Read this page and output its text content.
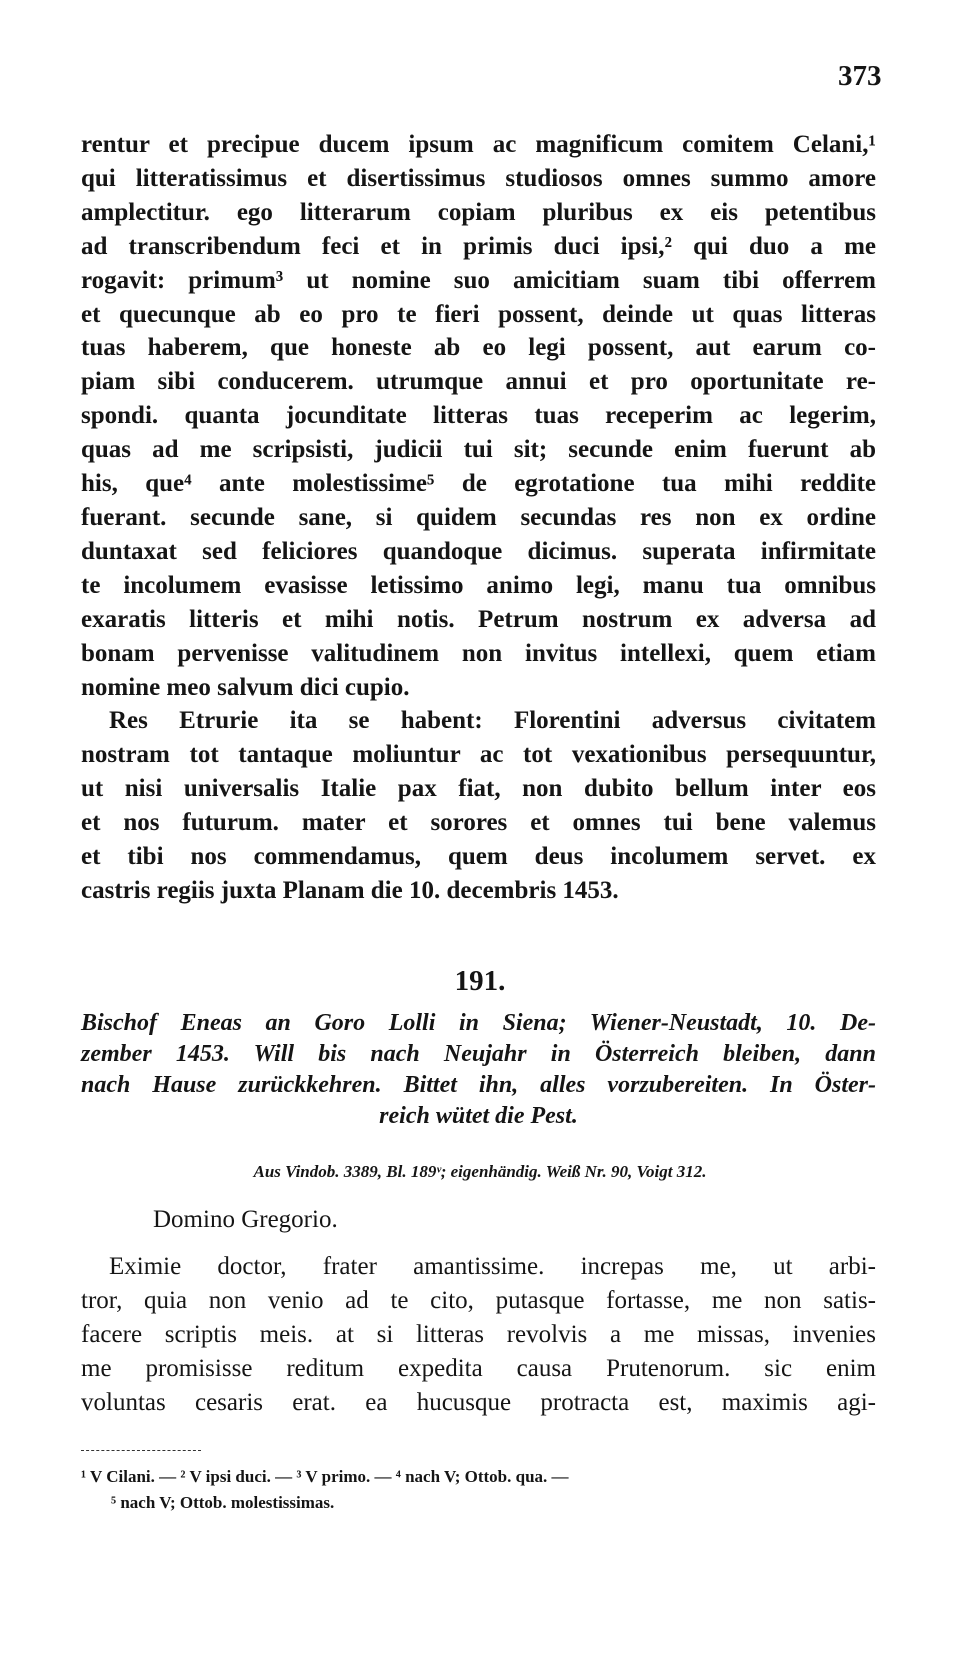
373
rentur et precipue ducem ipsum ac magnificum comitem Celani,¹
qui litteratissimus et disertissimus studiosos omnes summo amore
amplectitur. ego litterarum copiam pluribus ex eis petentibus
ad transcribendum feci et in primis duci ipsi,² qui duo a me
rogavit: primum³ ut nomine suo amicitiam suam tibi offerrem
et quecunque ab eo pro te fieri possent, deinde ut quas litteras
tuas haberem, que honeste ab eo legi possent, aut earum co-
piam sibi conducerem. utrumque annui et pro oportunitate re-
spondi. quanta jocunditate litteras tuas receperim ac legerim,
quas ad me scripsisti, judicii tui sit; secunde enim fuerunt ab
his, que⁴ ante molestissime⁵ de egrotatione tua mihi reddite
fuerant. secunde sane, si quidem secundas res non ex ordine
duntaxat sed feliciores quandoque dicimus. superata infirmitate
te incolumem evasisse letissimo animo legi, manu tua omnibus
exaratis litteris et mihi notis. Petrum nostrum ex adversa ad
bonam pervenisse valitudinem non invitus intellexi, quem etiam
nomine meo salvum dici cupio.
Res Etrurie ita se habent: Florentini adversus civitatem
nostram tot tantaque moliuntur ac tot vexationibus persequuntur,
ut nisi universalis Italie pax fiat, non dubito bellum inter eos
et nos futurum. mater et sorores et omnes tui bene valemus
et tibi nos commendamus, quem deus incolumem servet. ex
castris regiis juxta Planam die 10. decembris 1453.
191.
Bischof Eneas an Goro Lolli in Siena; Wiener-Neustadt, 10. De-
zember 1453. Will bis nach Neujahr in Österreich bleiben, dann
nach Hause zurückkehren. Bittet ihn, alles vorzubereiten. In Öster-
reich wütet die Pest.
Aus Vindob. 3389, Bl. 189ᵛ; eigenhändig. Weiß Nr. 90, Voigt 312.
Domino Gregorio.
Eximie doctor, frater amantissime. increpas me, ut arbi-
tror, quia non venio ad te cito, putasque fortasse, me non satis-
facere scriptis meis. at si litteras revolvis a me missas, invenies
me promisisse reditum expedita causa Prutenorum. sic enim
voluntas cesaris erat. ea hucusque protracta est, maximis agi-
¹ V Cilani. — ² V ipsi duci. — ³ V primo. — ⁴ nach V; Ottob. qua. —
⁵ nach V; Ottob. molestissimas.
